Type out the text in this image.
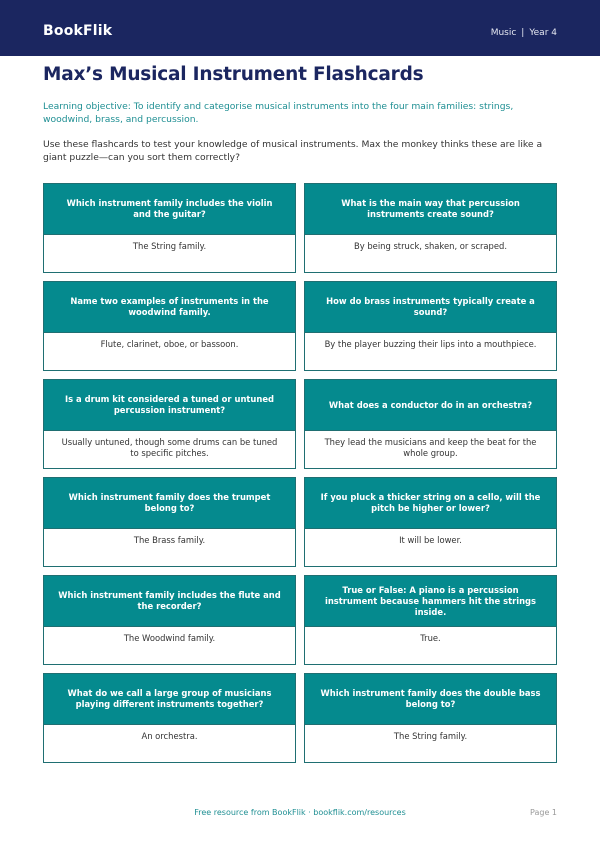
BookFlik	Music | Year 4
Max’s Musical Instrument Flashcards

Learning objective: To identify and categorise musical instruments into the four main families: strings, woodwind, brass, and percussion.

Use these flashcards to test your knowledge of musical instruments. Max the monkey thinks these are like a giant puzzle—can you sort them correctly?

Which instrument family includes the violin and the guitar?
The String family.
What is the main way that percussion instruments create sound?
By being struck, shaken, or scraped.
Name two examples of instruments in the woodwind family.
Flute, clarinet, oboe, or bassoon.
How do brass instruments typically create a sound?
By the player buzzing their lips into a mouthpiece.
Is a drum kit considered a tuned or untuned percussion instrument?
Usually untuned, though some drums can be tuned to specific pitches.
What does a conductor do in an orchestra?
They lead the musicians and keep the beat for the whole group.
Which instrument family does the trumpet belong to?
The Brass family.
If you pluck a thicker string on a cello, will the pitch be higher or lower?
It will be lower.
Which instrument family includes the flute and the recorder?
The Woodwind family.
True or False: A piano is a percussion instrument because hammers hit the strings inside.
True.
What do we call a large group of musicians playing different instruments together?
An orchestra.
Which instrument family does the double bass belong to?
The String family.
Free resource from BookFlik · bookflik.com/resources	Page 1
